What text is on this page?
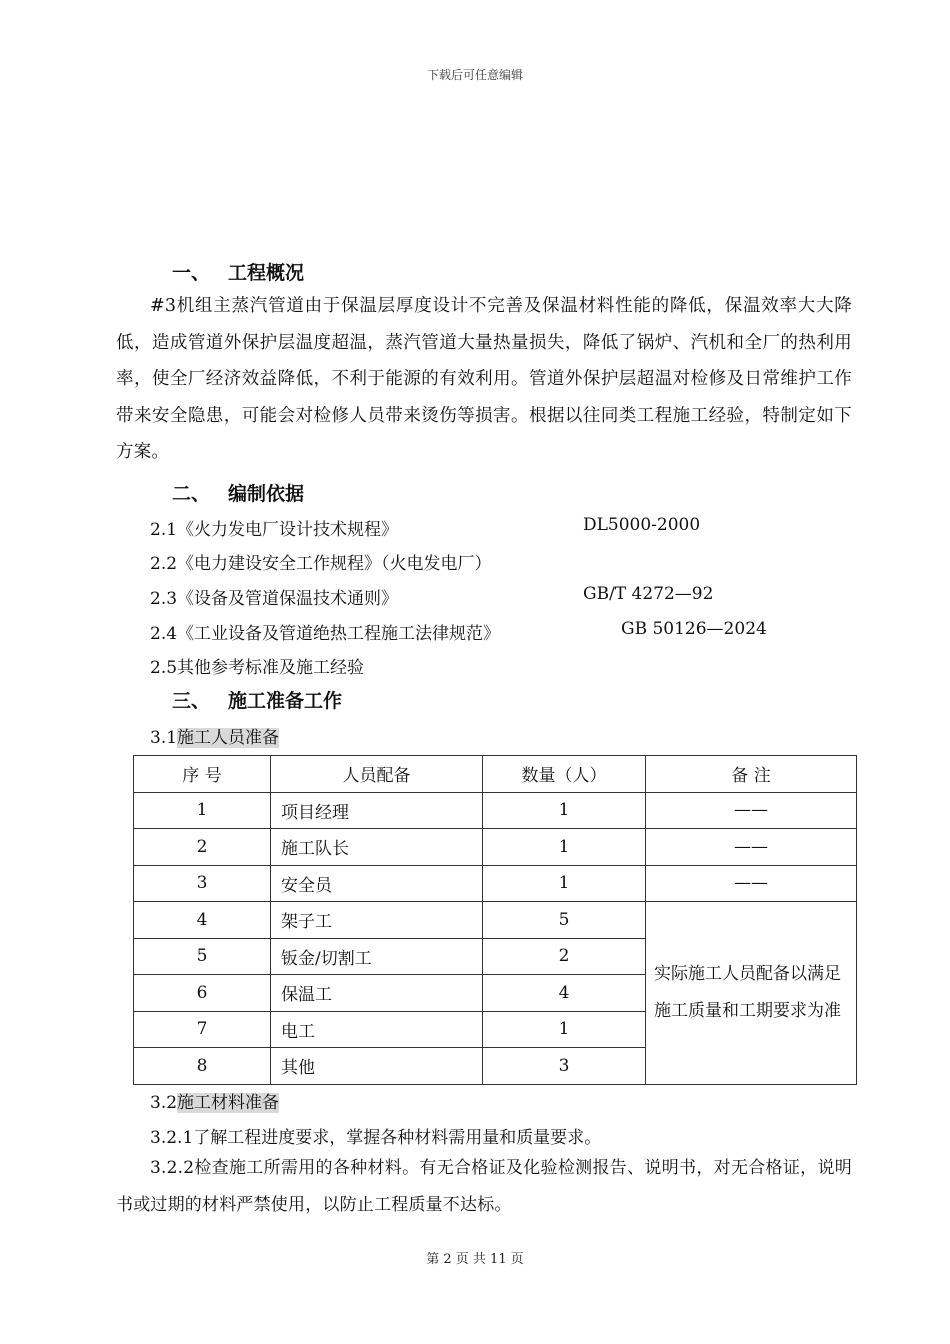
下载后可任意编辑
一、 工程概况
#3机组主蒸汽管道由于保温层厚度设计不完善及保温材料性能的降低，保温效率大大降低，造成管道外保护层温度超温，蒸汽管道大量热量损失，降低了锅炉、汽机和全厂的热利用率，使全厂经济效益降低，不利于能源的有效利用。管道外保护层超温对检修及日常维护工作带来安全隐患，可能会对检修人员带来烫伤等损害。根据以往同类工程施工经验，特制定如下方案。
二、 编制依据
2.1《火力发电厂设计技术规程》	DL5000-2000
2.2《电力建设安全工作规程》（火电发电厂）
2.3《设备及管道保温技术通则》	GB/T 4272—92
2.4《工业设备及管道绝热工程施工法律规范》	GB 50126—2024
2.5其他参考标准及施工经验
三、 施工准备工作
3.1施工人员准备
序 号	人员配备	数量（人）	备 注
1	项目经理	1	——
2	施工队长	1	——
3	安全员	1	——
4	架子工	5	实际施工人员配备以满足施工质量和工期要求为准
5	钣金/切割工	2	
6	保温工	4	
7	电工	1	
8	其他	3	
3.2施工材料准备
3.2.1了解工程进度要求，掌握各种材料需用量和质量要求。
3.2.2检查施工所需用的各种材料。有无合格证及化验检测报告、说明书，对无合格证，说明书或过期的材料严禁使用，以防止工程质量不达标。
第 2 页 共 11 页
